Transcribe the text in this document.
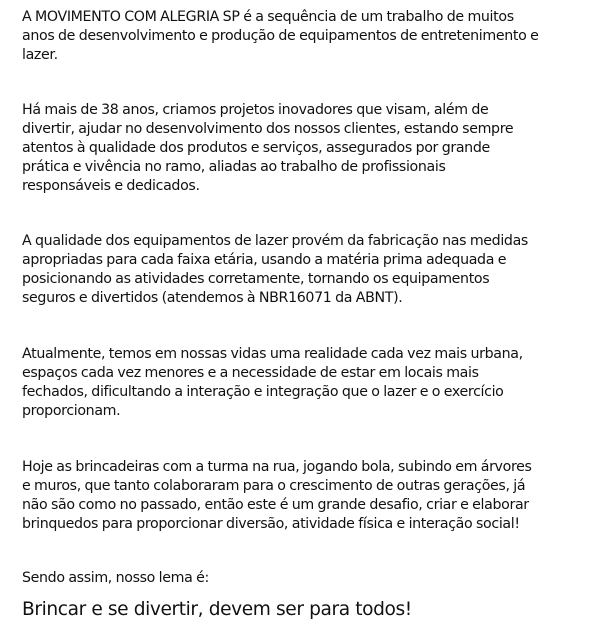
A MOVIMENTO COM ALEGRIA SP é a sequência de um trabalho de muitos
anos de desenvolvimento e produção de equipamentos de entretenimento e
lazer.

Há mais de 38 anos, criamos projetos inovadores que visam, além de
divertir, ajudar no desenvolvimento dos nossos clientes, estando sempre
atentos à qualidade dos produtos e serviços, assegurados por grande
prática e vivência no ramo, aliadas ao trabalho de profissionais
responsáveis e dedicados.

A qualidade dos equipamentos de lazer provém da fabricação nas medidas
apropriadas para cada faixa etária, usando a matéria prima adequada e
posicionando as atividades corretamente, tornando os equipamentos
seguros e divertidos (atendemos à NBR16071 da ABNT).

Atualmente, temos em nossas vidas uma realidade cada vez mais urbana,
espaços cada vez menores e a necessidade de estar em locais mais
fechados, dificultando a interação e integração que o lazer e o exercício
proporcionam.

Hoje as brincadeiras com a turma na rua, jogando bola, subindo em árvores
e muros, que tanto colaboraram para o crescimento de outras gerações, já
não são como no passado, então este é um grande desafio, criar e elaborar
brinquedos para proporcionar diversão, atividade física e interação social!

Sendo assim, nosso lema é:

Brincar e se divertir, devem ser para todos!
